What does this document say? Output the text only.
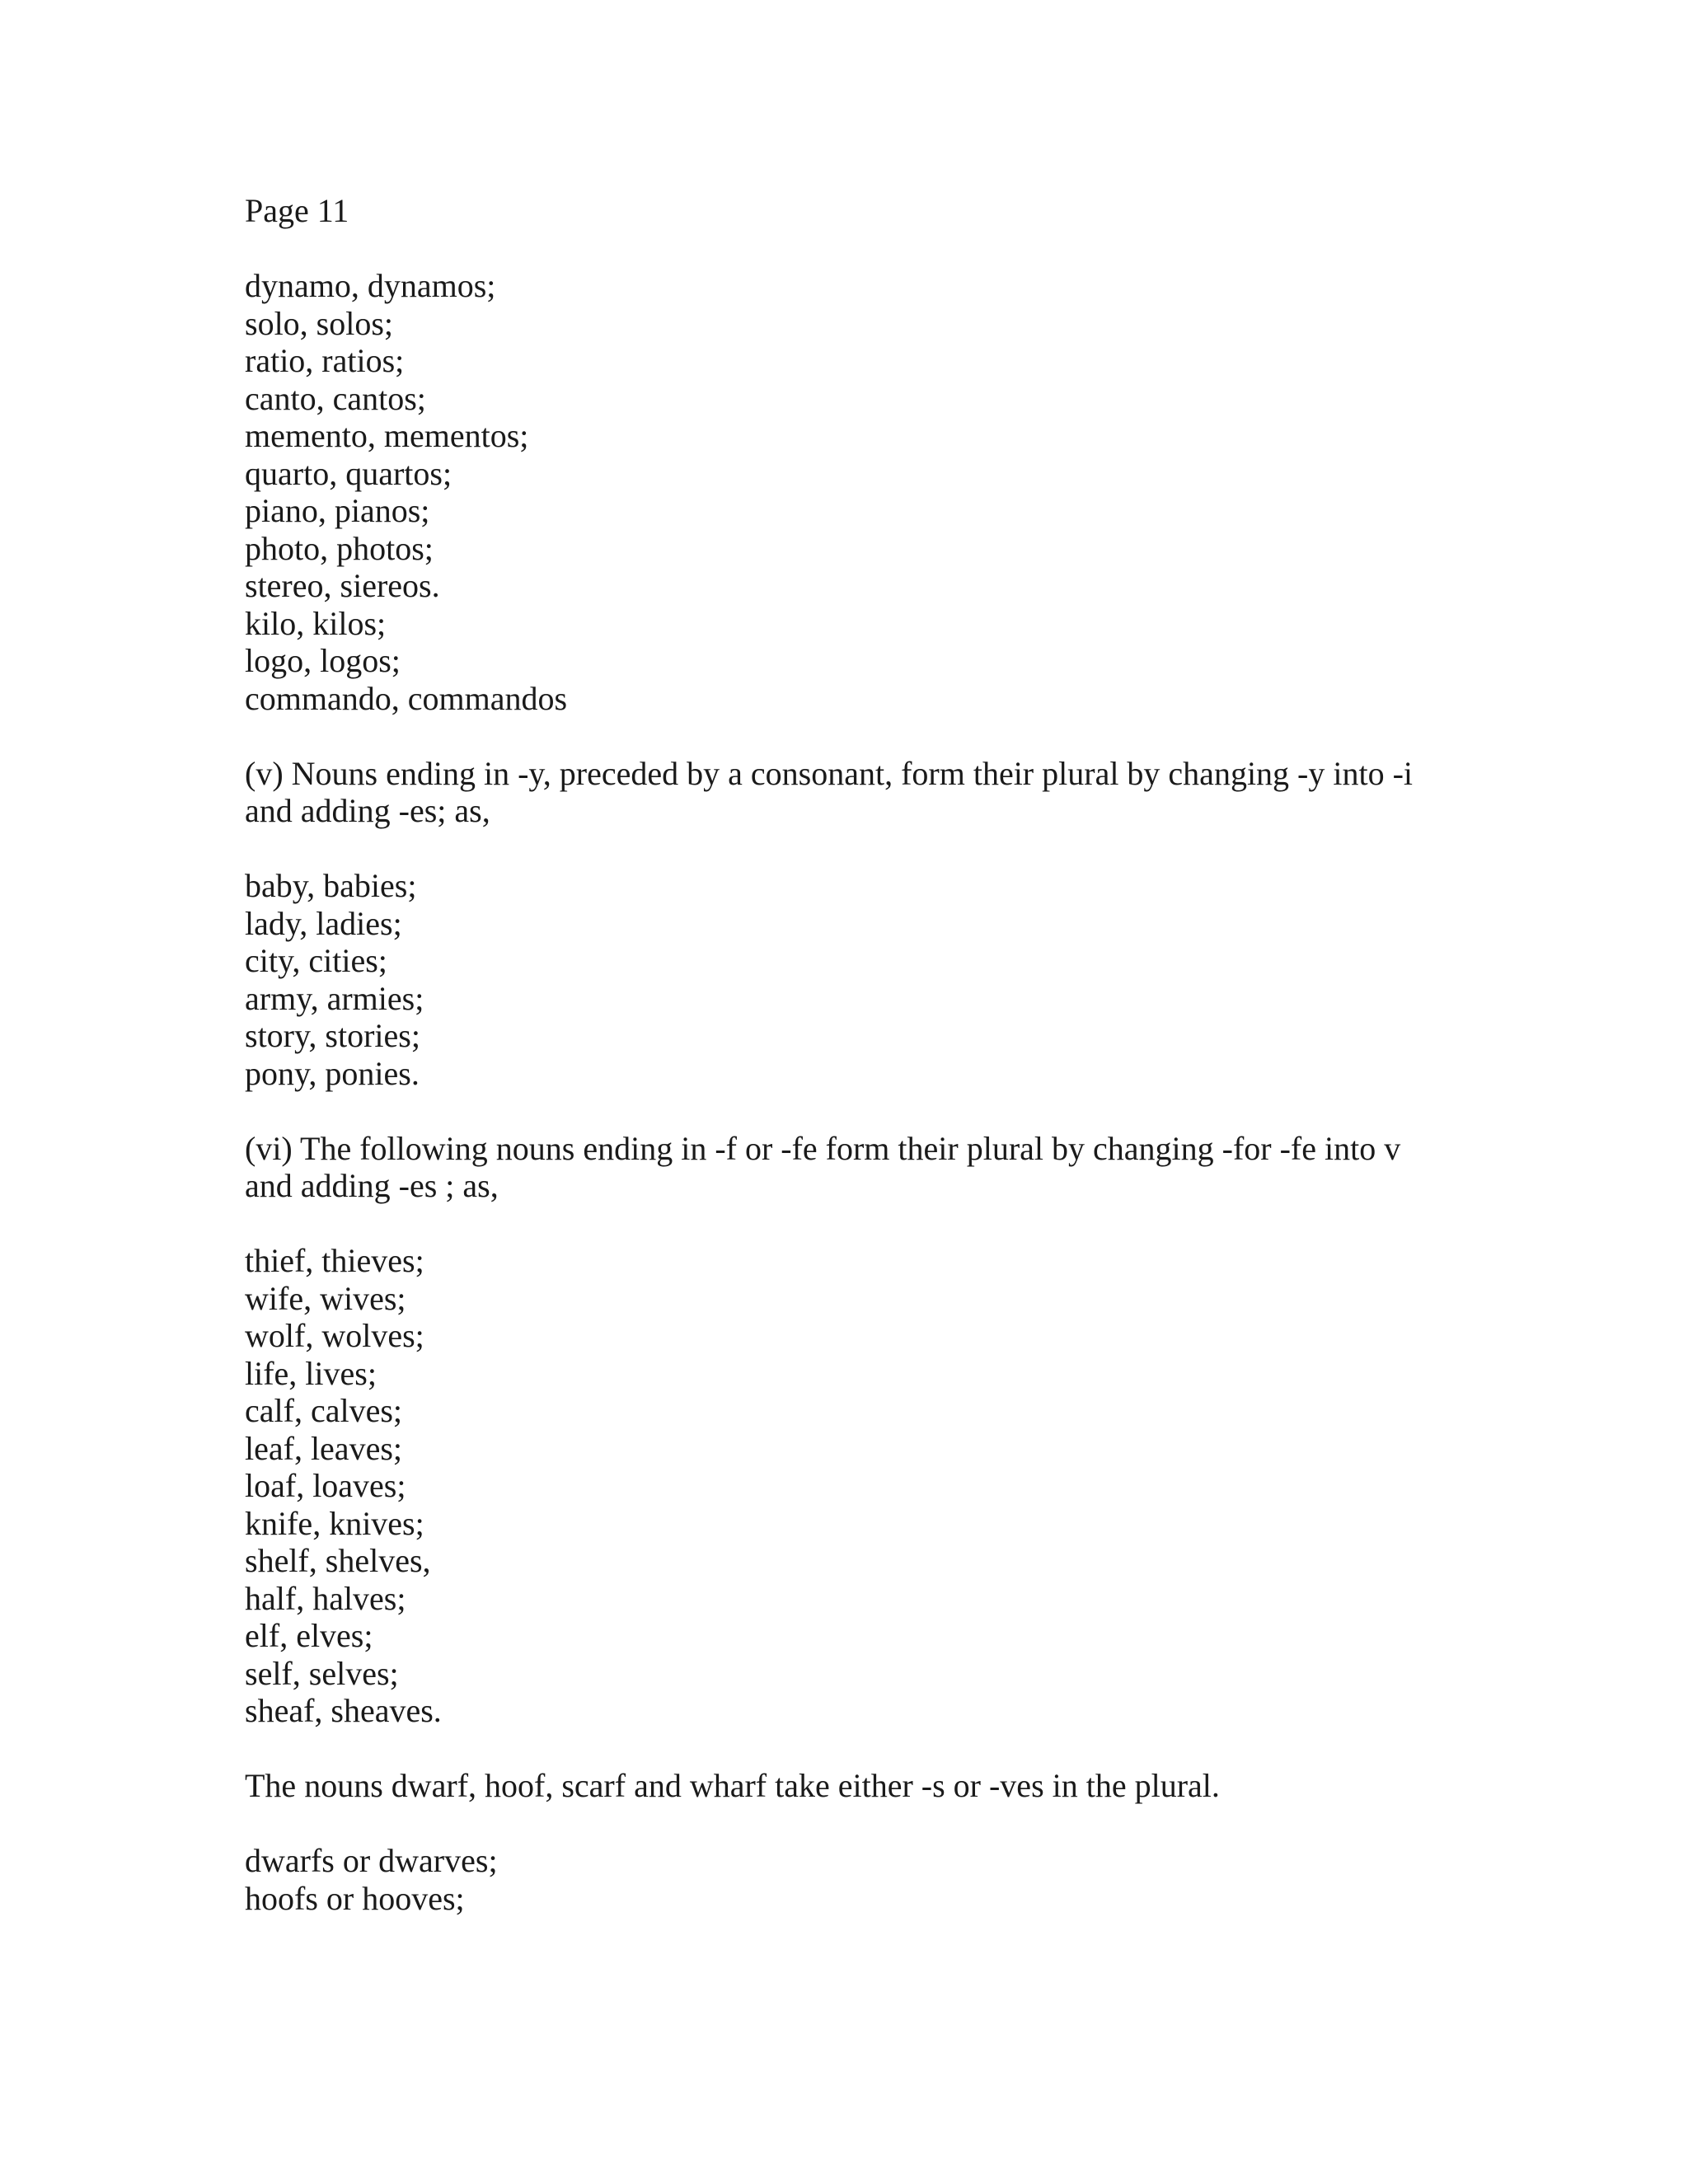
Page 11
dynamo, dynamos;
solo, solos;
ratio, ratios;
canto, cantos;
memento, mementos;
quarto, quartos;
piano, pianos;
photo, photos;
stereo, siereos.
kilo, kilos;
logo, logos;
commando, commandos
(v) Nouns ending in -y, preceded by a consonant, form their plural by changing -y into -i
and adding -es; as,
baby, babies;
lady, ladies;
city, cities;
army, armies;
story, stories;
pony, ponies.
(vi) The following nouns ending in -f or -fe form their plural by changing -for -fe into v
and adding -es ; as,
thief, thieves;
wife, wives;
wolf, wolves;
life, lives;
calf, calves;
leaf, leaves;
loaf, loaves;
knife, knives;
shelf, shelves,
half, halves;
elf, elves;
self, selves;
sheaf, sheaves.
The nouns dwarf, hoof, scarf and wharf take either -s or -ves in the plural.
dwarfs or dwarves;
hoofs or hooves;
